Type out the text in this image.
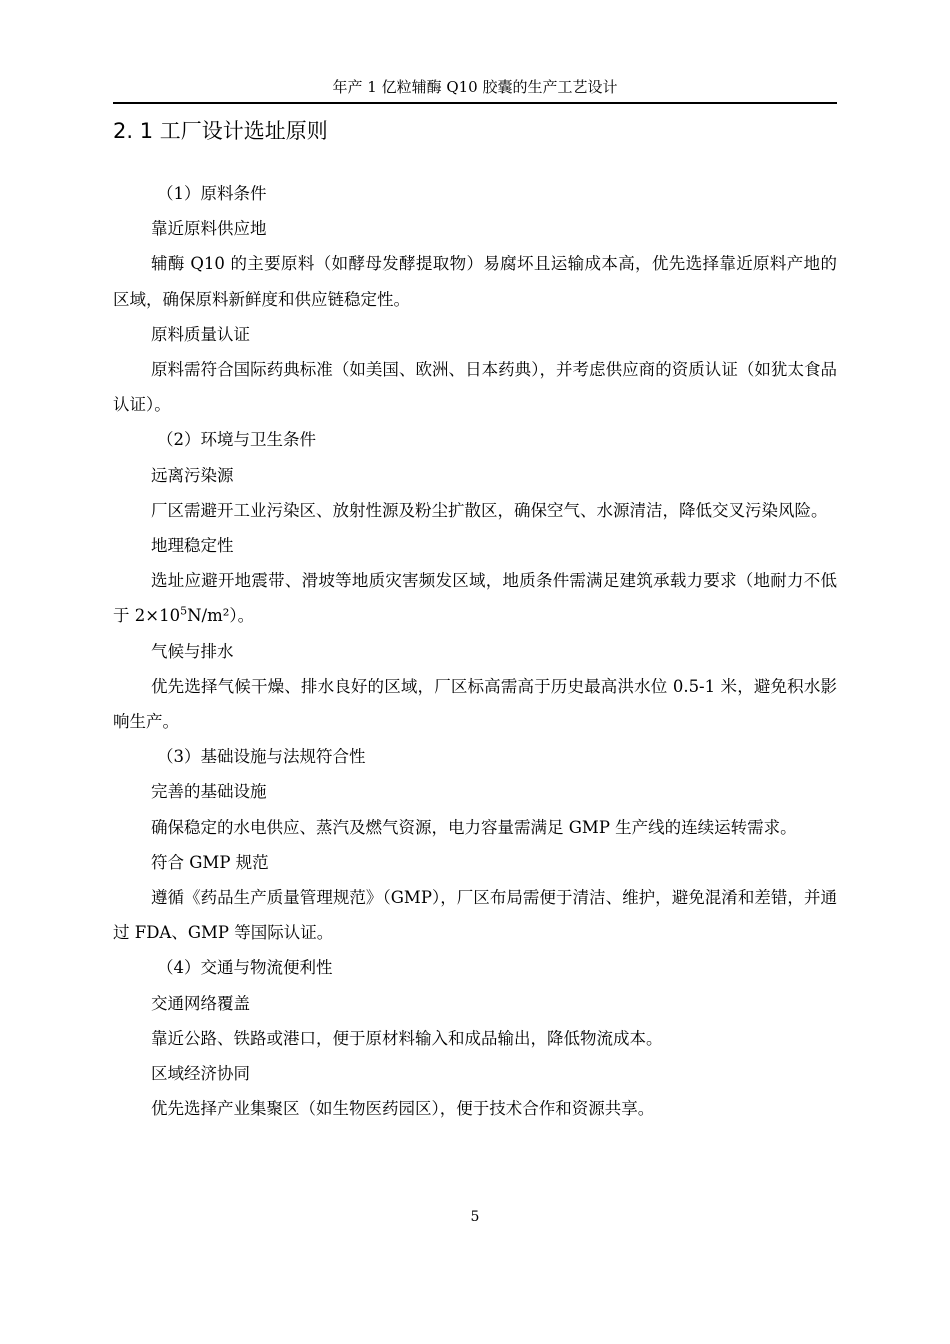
年产 1 亿粒辅酶 Q10 胶囊的生产工艺设计
2. 1 工厂设计选址原则

（1）原料条件

靠近原料供应地

辅酶 Q10 的主要原料（如酵母发酵提取物）易腐坏且运输成本高，优先选择靠近原料产地的区域，确保原料新鲜度和供应链稳定性。

原料质量认证

原料需符合国际药典标准（如美国、欧洲、日本药典），并考虑供应商的资质认证（如犹太食品认证）。

（2）环境与卫生条件

远离污染源

厂区需避开工业污染区、放射性源及粉尘扩散区，确保空气、水源清洁，降低交叉污染风险。

地理稳定性

选址应避开地震带、滑坡等地质灾害频发区域，地质条件需满足建筑承载力要求（地耐力不低于 $2\times 10^5N/m^2$）。

气候与排水

优先选择气候干燥、排水良好的区域，厂区标高需高于历史最高洪水位 0.5-1 米，避免积水影响生产。

（3）基础设施与法规符合性

完善的基础设施

确保稳定的水电供应、蒸汽及燃气资源，电力容量需满足 GMP 生产线的连续运转需求。

符合 GMP 规范

遵循《药品生产质量管理规范》（GMP），厂区布局需便于清洁、维护，避免混淆和差错，并通过 FDA、GMP 等国际认证。

（4）交通与物流便利性

交通网络覆盖

靠近公路、铁路或港口，便于原材料输入和成品输出，降低物流成本。

区域经济协同

优先选择产业集聚区（如生物医药园区），便于技术合作和资源共享。

5
